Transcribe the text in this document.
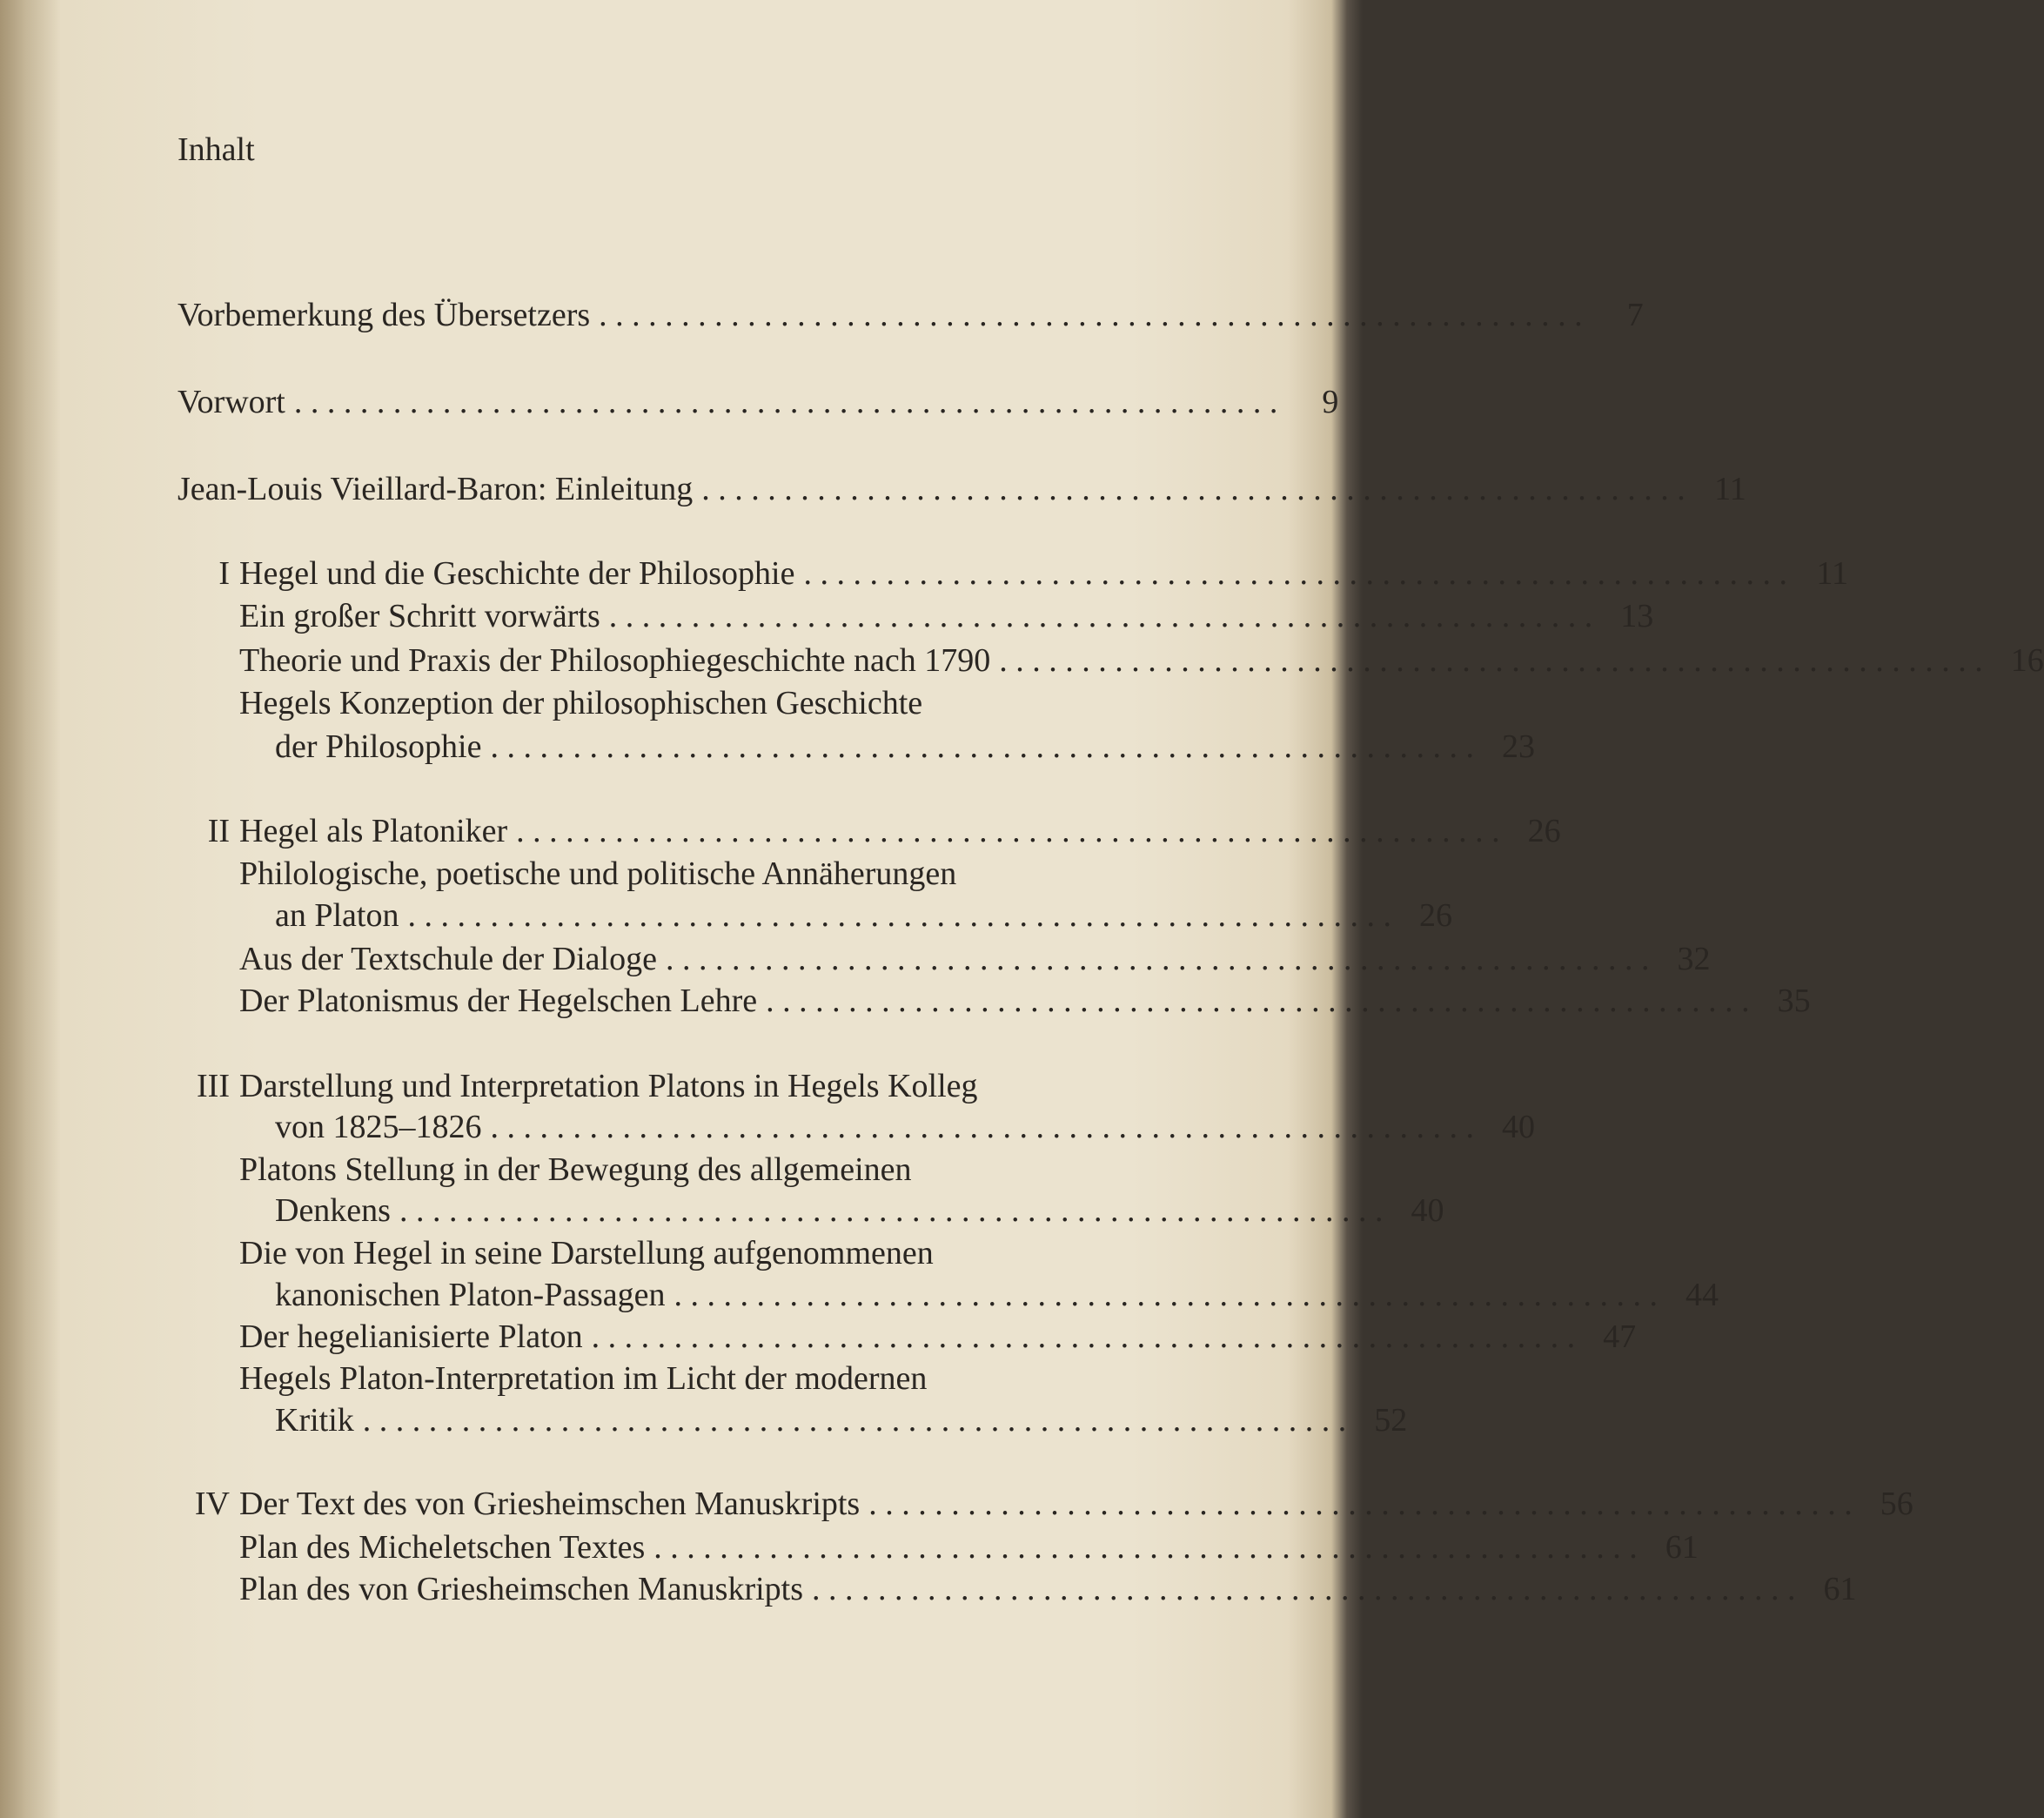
Inhalt
Vorbemerkung des Übersetzers . . . . . . . . . . . . . . . . . . . . . . . . . . . . . . . . . . . . . . . . . . . . . . . . . . . . . . . . . . . .	7
Vorwort . . . . . . . . . . . . . . . . . . . . . . . . . . . . . . . . . . . . . . . . . . . . . . . . . . . . . . . . . . . .	9
Jean-Louis Vieillard-Baron: Einleitung . . . . . . . . . . . . . . . . . . . . . . . . . . . . . . . . . . . . . . . . . . . . . . . . . . . . . . . . . . . . 11
I Hegel und die Geschichte der Philosophie . . . . . . . . . . . . . . . . . . . . . . . . . . . . . . . . . . . . . . . . . . . . . . . . . . . . . . . . . . . . 11
Ein großer Schritt vorwärts . . . . . . . . . . . . . . . . . . . . . . . . . . . . . . . . . . . . . . . . . . . . . . . . . . . . . . . . . . . . 13
Theorie und Praxis der Philosophiegeschichte nach 1790 . . . . . . . . . . . . . . . . . . . . . . . . . . . . . . . . . . . . . . . . . . . . . . . . . . . . . . . . . . . . 16
Hegels Konzeption der philosophischen Geschichte
der Philosophie . . . . . . . . . . . . . . . . . . . . . . . . . . . . . . . . . . . . . . . . . . . . . . . . . . . . . . . . . . . . 23
II Hegel als Platoniker . . . . . . . . . . . . . . . . . . . . . . . . . . . . . . . . . . . . . . . . . . . . . . . . . . . . . . . . . . . . 26
Philologische, poetische und politische Annäherungen
an Platon . . . . . . . . . . . . . . . . . . . . . . . . . . . . . . . . . . . . . . . . . . . . . . . . . . . . . . . . . . . . 26
Aus der Textschule der Dialoge . . . . . . . . . . . . . . . . . . . . . . . . . . . . . . . . . . . . . . . . . . . . . . . . . . . . . . . . . . . . 32
Der Platonismus der Hegelschen Lehre . . . . . . . . . . . . . . . . . . . . . . . . . . . . . . . . . . . . . . . . . . . . . . . . . . . . . . . . . . . . 35
III Darstellung und Interpretation Platons in Hegels Kolleg
von 1825–1826 . . . . . . . . . . . . . . . . . . . . . . . . . . . . . . . . . . . . . . . . . . . . . . . . . . . . . . . . . . . . 40
Platons Stellung in der Bewegung des allgemeinen
Denkens . . . . . . . . . . . . . . . . . . . . . . . . . . . . . . . . . . . . . . . . . . . . . . . . . . . . . . . . . . . . 40
Die von Hegel in seine Darstellung aufgenommenen
kanonischen Platon-Passagen . . . . . . . . . . . . . . . . . . . . . . . . . . . . . . . . . . . . . . . . . . . . . . . . . . . . . . . . . . . . 44
Der hegelianisierte Platon . . . . . . . . . . . . . . . . . . . . . . . . . . . . . . . . . . . . . . . . . . . . . . . . . . . . . . . . . . . . 47
Hegels Platon-Interpretation im Licht der modernen
Kritik . . . . . . . . . . . . . . . . . . . . . . . . . . . . . . . . . . . . . . . . . . . . . . . . . . . . . . . . . . . . 52
IV Der Text des von Griesheimschen Manuskripts . . . . . . . . . . . . . . . . . . . . . . . . . . . . . . . . . . . . . . . . . . . . . . . . . . . . . . . . . . . . 56
Plan des Micheletschen Textes . . . . . . . . . . . . . . . . . . . . . . . . . . . . . . . . . . . . . . . . . . . . . . . . . . . . . . . . . . . . 61
Plan des von Griesheimschen Manuskripts . . . . . . . . . . . . . . . . . . . . . . . . . . . . . . . . . . . . . . . . . . . . . . . . . . . . . . . . . . . . 61
